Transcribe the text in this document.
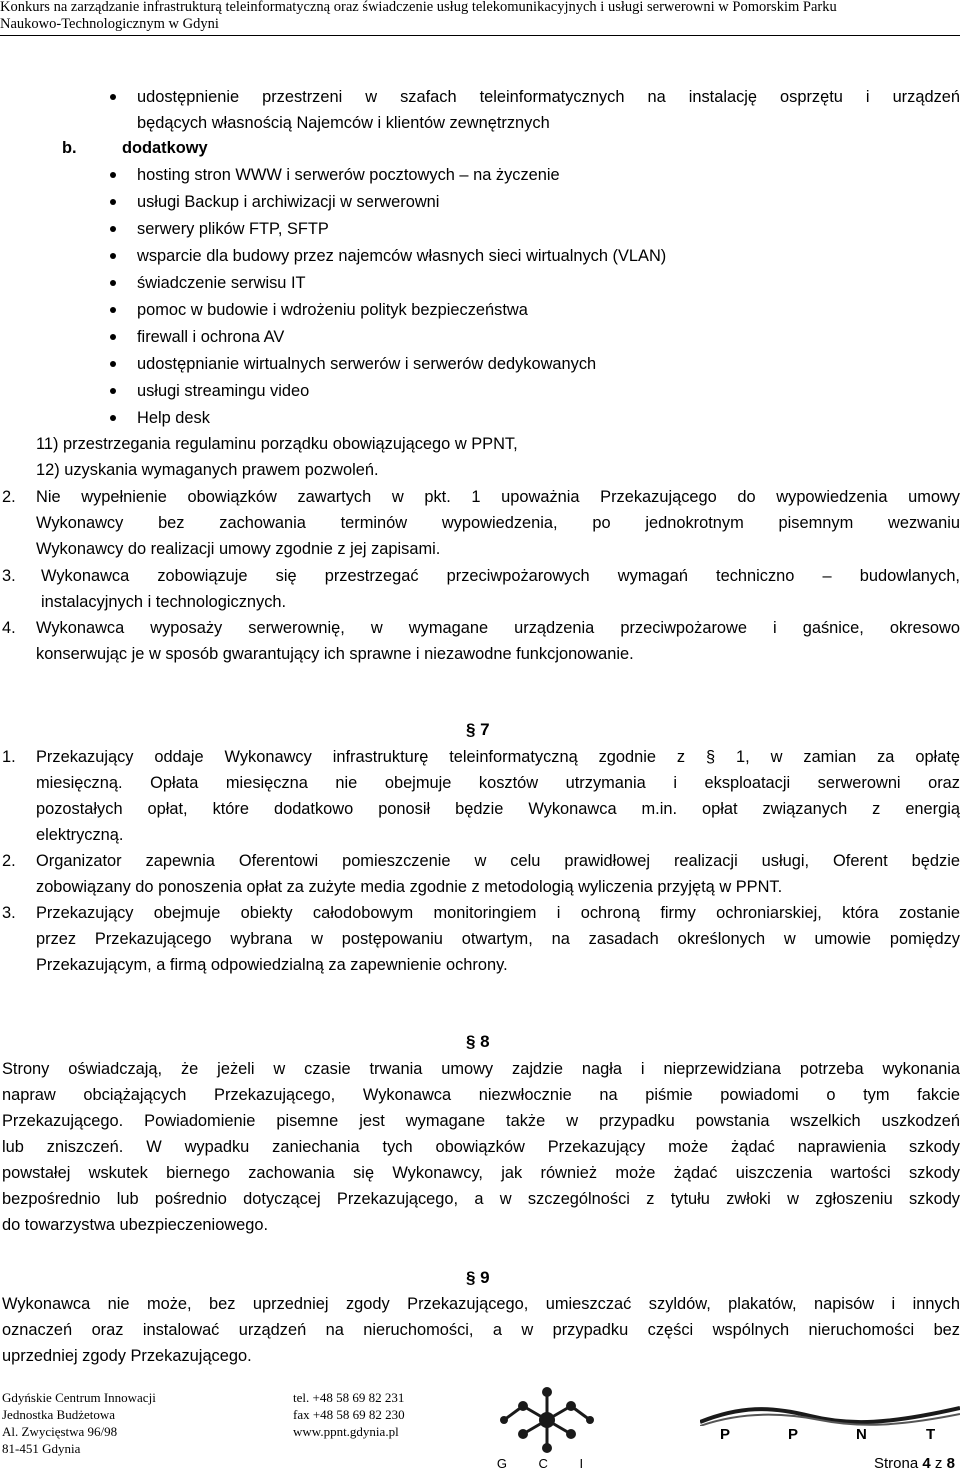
Konkurs na zarządzanie infrastrukturą teleinformatyczną oraz świadczenie usług telekomunikacyjnych i usługi serwerowni w Pomorskim Parku
Naukowo-Technologicznym w Gdyni
udostępnienie przestrzeni w szafach teleinformatycznych na instalację osprzętu i urządzeń
będących własnością Najemców i klientów zewnętrznych
b.	dodatkowy
hosting stron WWW i serwerów pocztowych – na życzenie
usługi Backup i archiwizacji w serwerowni
serwery plików FTP, SFTP
wsparcie dla budowy przez najemców własnych sieci wirtualnych (VLAN)
świadczenie serwisu IT
pomoc w budowie i wdrożeniu polityk bezpieczeństwa
firewall i ochrona AV
udostępnianie wirtualnych serwerów i serwerów dedykowanych
usługi streamingu video
Help desk
11) przestrzegania regulaminu porządku obowiązującego w PPNT,
12) uzyskania wymaganych prawem pozwoleń.
2. Nie wypełnienie obowiązków zawartych w pkt. 1 upoważnia Przekazującego do wypowiedzenia umowy
Wykonawcy bez zachowania terminów wypowiedzenia, po jednokrotnym pisemnym wezwaniu
Wykonawcy do realizacji umowy zgodnie z jej zapisami.
3. Wykonawca zobowiązuje się przestrzegać przeciwpożarowych wymagań techniczno – budowlanych,
instalacyjnych i technologicznych.
4. Wykonawca wyposaży serwerownię, w wymagane urządzenia przeciwpożarowe i gaśnice, okresowo
konserwując je w sposób gwarantujący ich sprawne i niezawodne funkcjonowanie.
§ 7
1. Przekazujący oddaje Wykonawcy infrastrukturę teleinformatyczną zgodnie z § 1, w zamian za opłatę
miesięczną. Opłata miesięczna nie obejmuje kosztów utrzymania i eksploatacji serwerowni oraz
pozostałych opłat, które dodatkowo ponosił będzie Wykonawca m.in. opłat związanych z energią
elektryczną.
2. Organizator zapewnia Oferentowi pomieszczenie w celu prawidłowej realizacji usługi, Oferent będzie
zobowiązany do ponoszenia opłat za zużyte media zgodnie z metodologią wyliczenia przyjętą w PPNT.
3. Przekazujący obejmuje obiekty całodobowym monitoringiem i ochroną firmy ochroniarskiej, która zostanie
przez Przekazującego wybrana w postępowaniu otwartym, na zasadach określonych w umowie pomiędzy
Przekazującym, a firmą odpowiedzialną za zapewnienie ochrony.
§ 8
Strony oświadczają, że jeżeli w czasie trwania umowy zajdzie nagła i nieprzewidziana potrzeba wykonania
napraw obciążających Przekazującego, Wykonawca niezwłocznie na piśmie powiadomi o tym fakcie
Przekazującego. Powiadomienie pisemne jest wymagane także w przypadku powstania wszelkich uszkodzeń
lub zniszczeń. W wypadku zaniechania tych obowiązków Przekazujący może żądać naprawienia szkody
powstałej wskutek biernego zachowania się Wykonawcy, jak również może żądać uiszczenia wartości szkody
bezpośrednio lub pośrednio dotyczącej Przekazującego, a w szczególności z tytułu zwłoki w zgłoszeniu szkody
do towarzystwa ubezpieczeniowego.
§ 9
Wykonawca nie może, bez uprzedniej zgody Przekazującego, umieszczać szyldów, plakatów, napisów i innych
oznaczeń oraz instalować urządzeń na nieruchomości, a w przypadku części wspólnych nieruchomości bez
uprzedniej zgody Przekazującego.
Gdyńskie Centrum Innowacji
Jednostka Budżetowa
Al. Zwycięstwa 96/98
81-451 Gdynia
tel. +48 58 69 82 231
fax +48 58 69 82 230
www.ppnt.gdynia.pl
G C I
P	P	N	T
Strona 4 z 8
